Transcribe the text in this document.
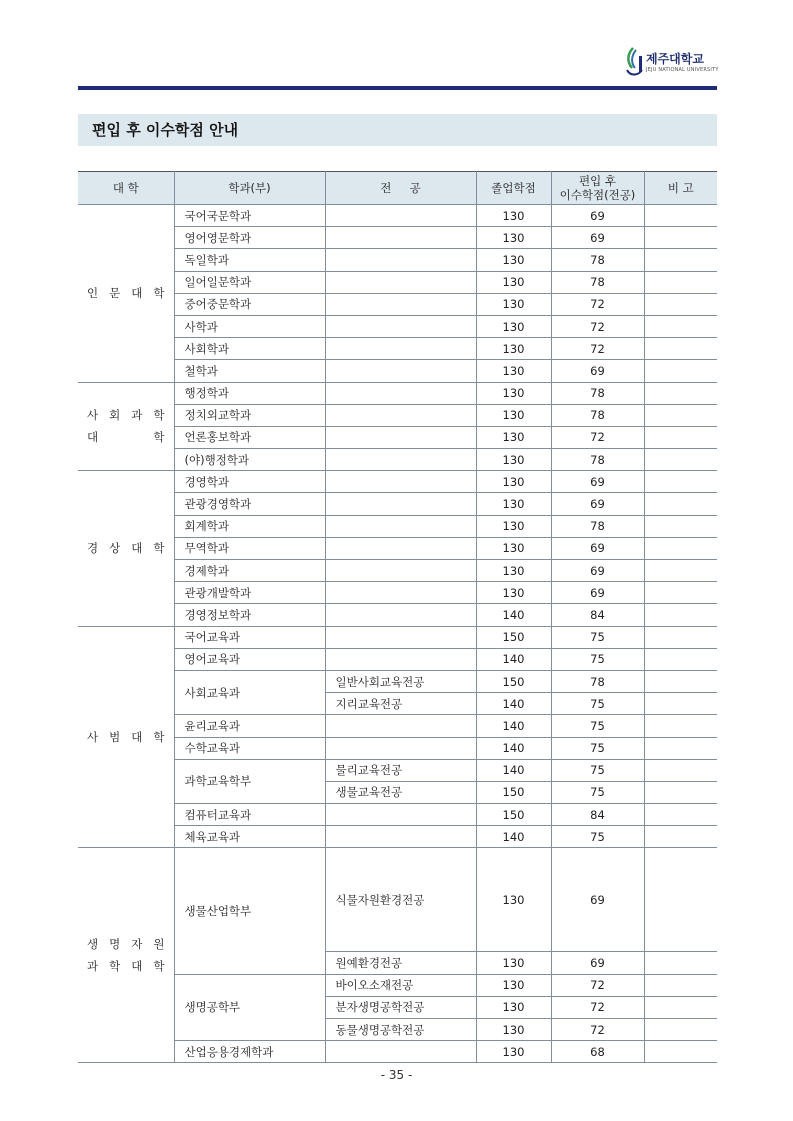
제주대학교
JEJU NATIONAL UNIVERSITY
편입 후 이수학점 안내
대 학	학과(부)	전     공	졸업학점	편입 후
이수학점(전공)	비 고
인 문 대 학	국어국문학과		130	69	
	영어영문학과		130	69	
	독일학과		130	78	
	일어일문학과		130	78	
	중어중문학과		130	72	
	사학과		130	72	
	사회학과		130	72	
	철학과		130	69	
사 회 과 학
대 학	행정학과		130	78	
	정치외교학과		130	78	
	언론홍보학과		130	72	
	(야)행정학과		130	78	
경 상 대 학	경영학과		130	69	
	관광경영학과		130	69	
	회계학과		130	78	
	무역학과		130	69	
	경제학과		130	69	
	관광개발학과		130	69	
	경영정보학과		140	84	
사 범 대 학	국어교육과		150	75	
	영어교육과		140	75	
	사회교육과	일반사회교육전공	150	78	
		지리교육전공	140	75	
	윤리교육과		140	75	
	수학교육과		140	75	
	과학교육학부	물리교육전공	140	75	
		생물교육전공	150	75	
	컴퓨터교육과		150	84	
	체육교육과		140	75	
생 명 자 원
과 학 대 학	생물산업학부	식물자원환경전공	130	69	
		원예환경전공	130	69	
	생명공학부	바이오소재전공	130	72	
		분자생명공학전공	130	72	
		동물생명공학전공	130	72	
	산업응용경제학과		130	68	
- 35 -
